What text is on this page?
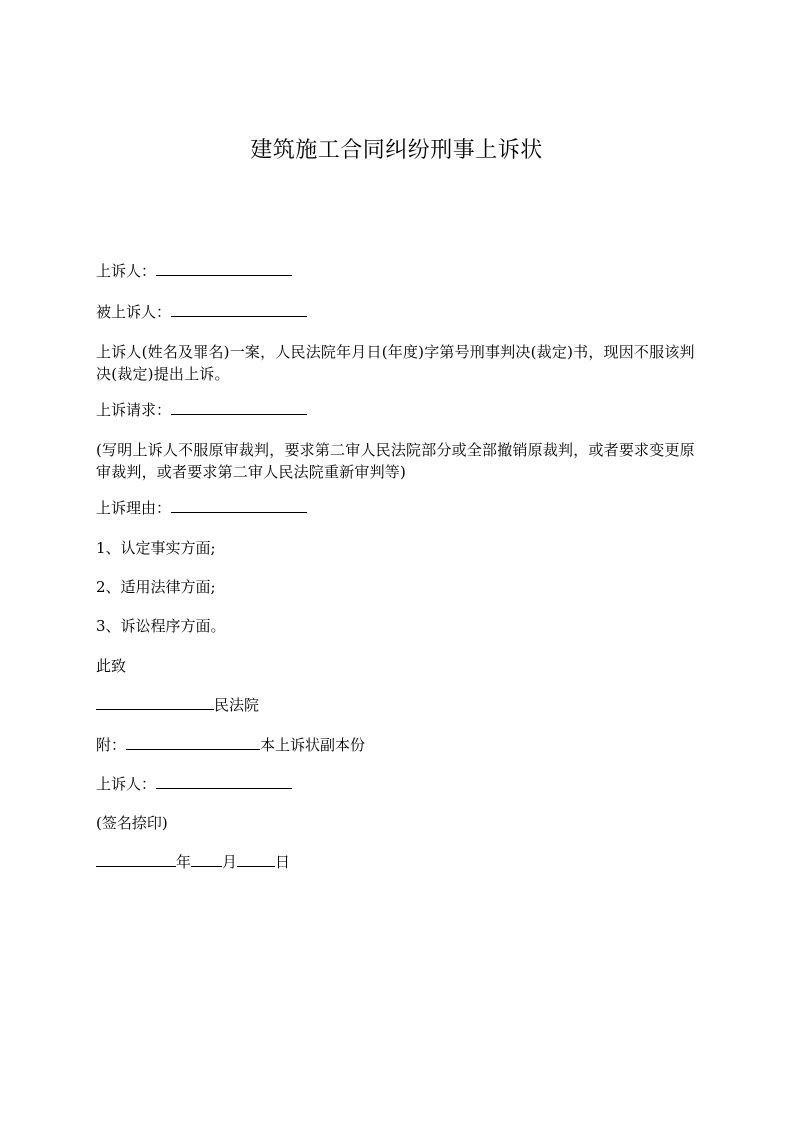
建筑施工合同纠纷刑事上诉状
上诉人：
被上诉人：
上诉人(姓名及罪名)一案，人民法院年月日(年度)字第号刑事判决(裁定)书，现因不服该判决(裁定)提出上诉。
上诉请求：
(写明上诉人不服原审裁判，要求第二审人民法院部分或全部撤销原裁判，或者要求变更原审裁判，或者要求第二审人民法院重新审判等)
上诉理由：
1、认定事实方面;
2、适用法律方面;
3、诉讼程序方面。
此致
民法院
附：	本上诉状副本份
上诉人：
(签名捺印)
年 月	日
